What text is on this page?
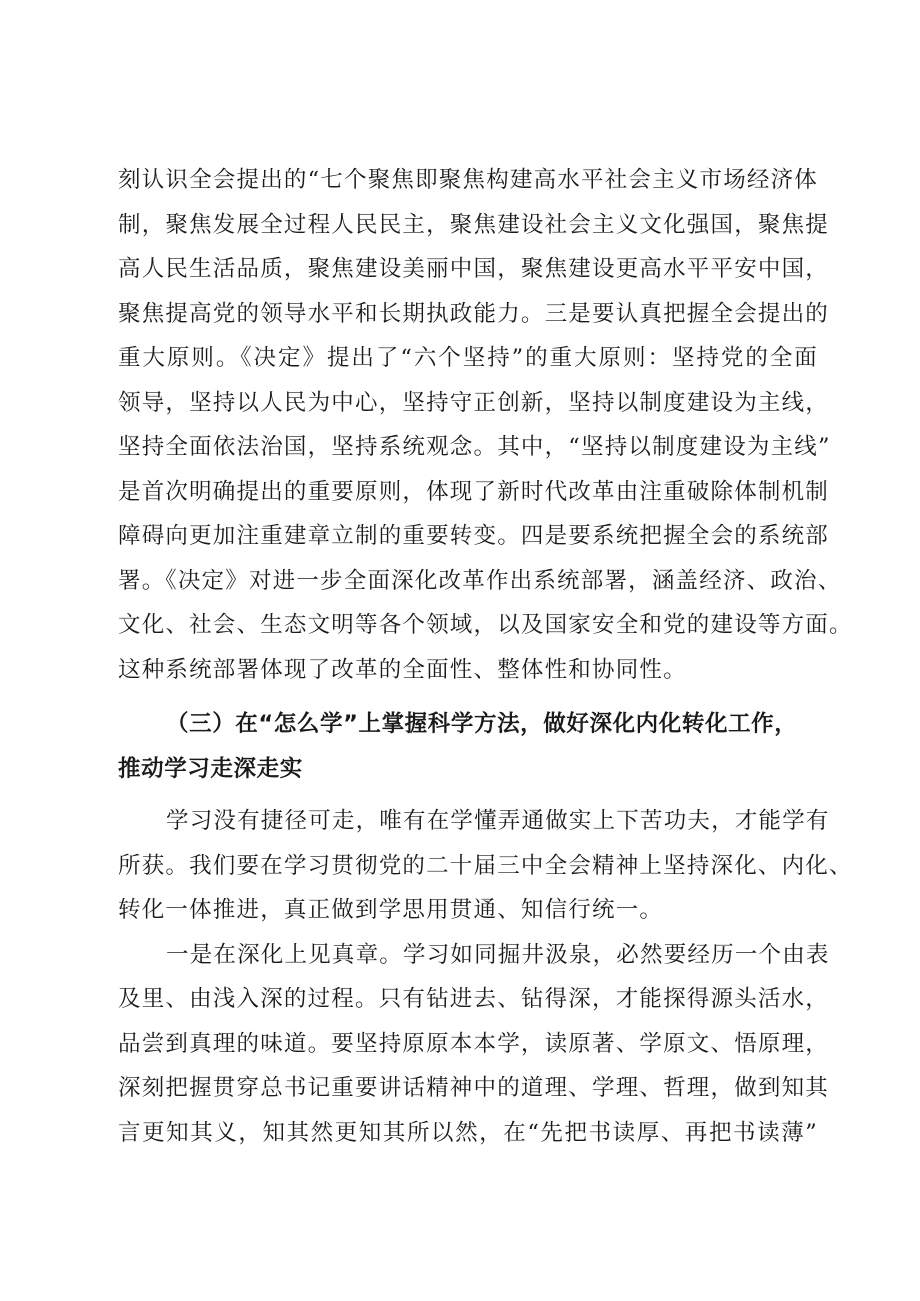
刻认识全会提出的“七个聚焦即聚焦构建高水平社会主义市场经济体
制，聚焦发展全过程人民民主，聚焦建设社会主义文化强国，聚焦提
高人民生活品质，聚焦建设美丽中国，聚焦建设更高水平平安中国，
聚焦提高党的领导水平和长期执政能力。三是要认真把握全会提出的
重大原则。《决定》提出了“六个坚持”的重大原则：坚持党的全面
领导，坚持以人民为中心，坚持守正创新，坚持以制度建设为主线，
坚持全面依法治国，坚持系统观念。其中，“坚持以制度建设为主线”
是首次明确提出的重要原则，体现了新时代改革由注重破除体制机制
障碍向更加注重建章立制的重要转变。四是要系统把握全会的系统部
署。《决定》对进一步全面深化改革作出系统部署，涵盖经济、政治、
文化、社会、生态文明等各个领域，以及国家安全和党的建设等方面。
这种系统部署体现了改革的全面性、整体性和协同性。
（三）在“怎么学”上掌握科学方法，做好深化内化转化工作，
推动学习走深走实
学习没有捷径可走，唯有在学懂弄通做实上下苦功夫，才能学有
所获。我们要在学习贯彻党的二十届三中全会精神上坚持深化、内化、
转化一体推进，真正做到学思用贯通、知信行统一。
一是在深化上见真章。学习如同掘井汲泉，必然要经历一个由表
及里、由浅入深的过程。只有钻进去、钻得深，才能探得源头活水，
品尝到真理的味道。要坚持原原本本学，读原著、学原文、悟原理，
深刻把握贯穿总书记重要讲话精神中的道理、学理、哲理，做到知其
言更知其义，知其然更知其所以然，在“先把书读厚、再把书读薄”
